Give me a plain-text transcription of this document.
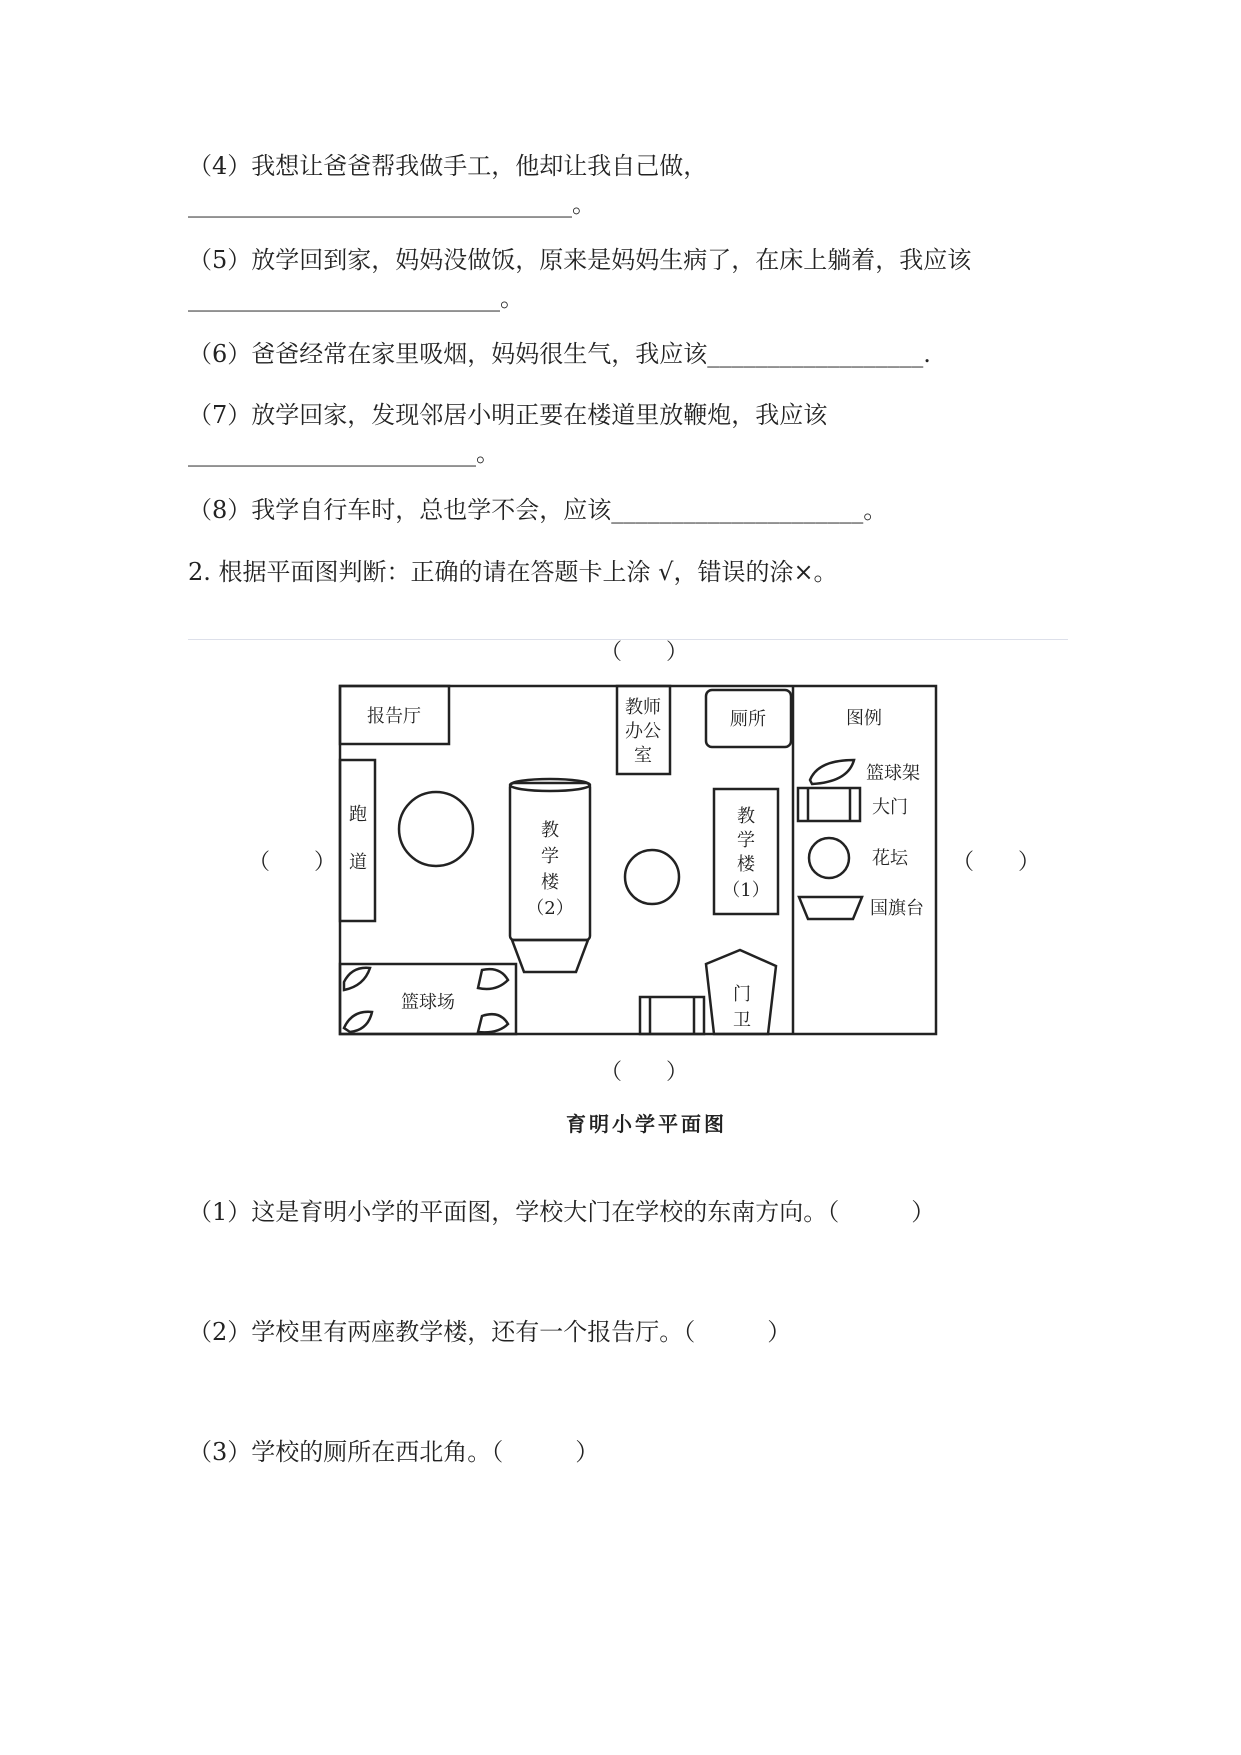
（4）我想让爸爸帮我做手工，他却让我自己做，
________________________________。
（5）放学回到家，妈妈没做饭，原来是妈妈生病了，在床上躺着，我应该
__________________________。
（6）爸爸经常在家里吸烟，妈妈很生气，我应该__________________.
（7）放学回家，发现邻居小明正要在楼道里放鞭炮，我应该
________________________。
（8）我学自行车时，总也学不会，应该_____________________。
2. 根据平面图判断：正确的请在答题卡上涂 √，错误的涂×。
（　　）
（　　）	（　　）
（　　）
报告厅	教师
办公
室
厕所	图例
跑
道
教
学
楼
（2）
教
学
楼
（1）
篮球场	门
卫
篮球架
大门
花坛
国旗台
育明小学平面图
（1）这是育明小学的平面图，学校大门在学校的东南方向。（　　　）
（2）学校里有两座教学楼，还有一个报告厅。（　　　）
（3）学校的厕所在西北角。（　　　）
